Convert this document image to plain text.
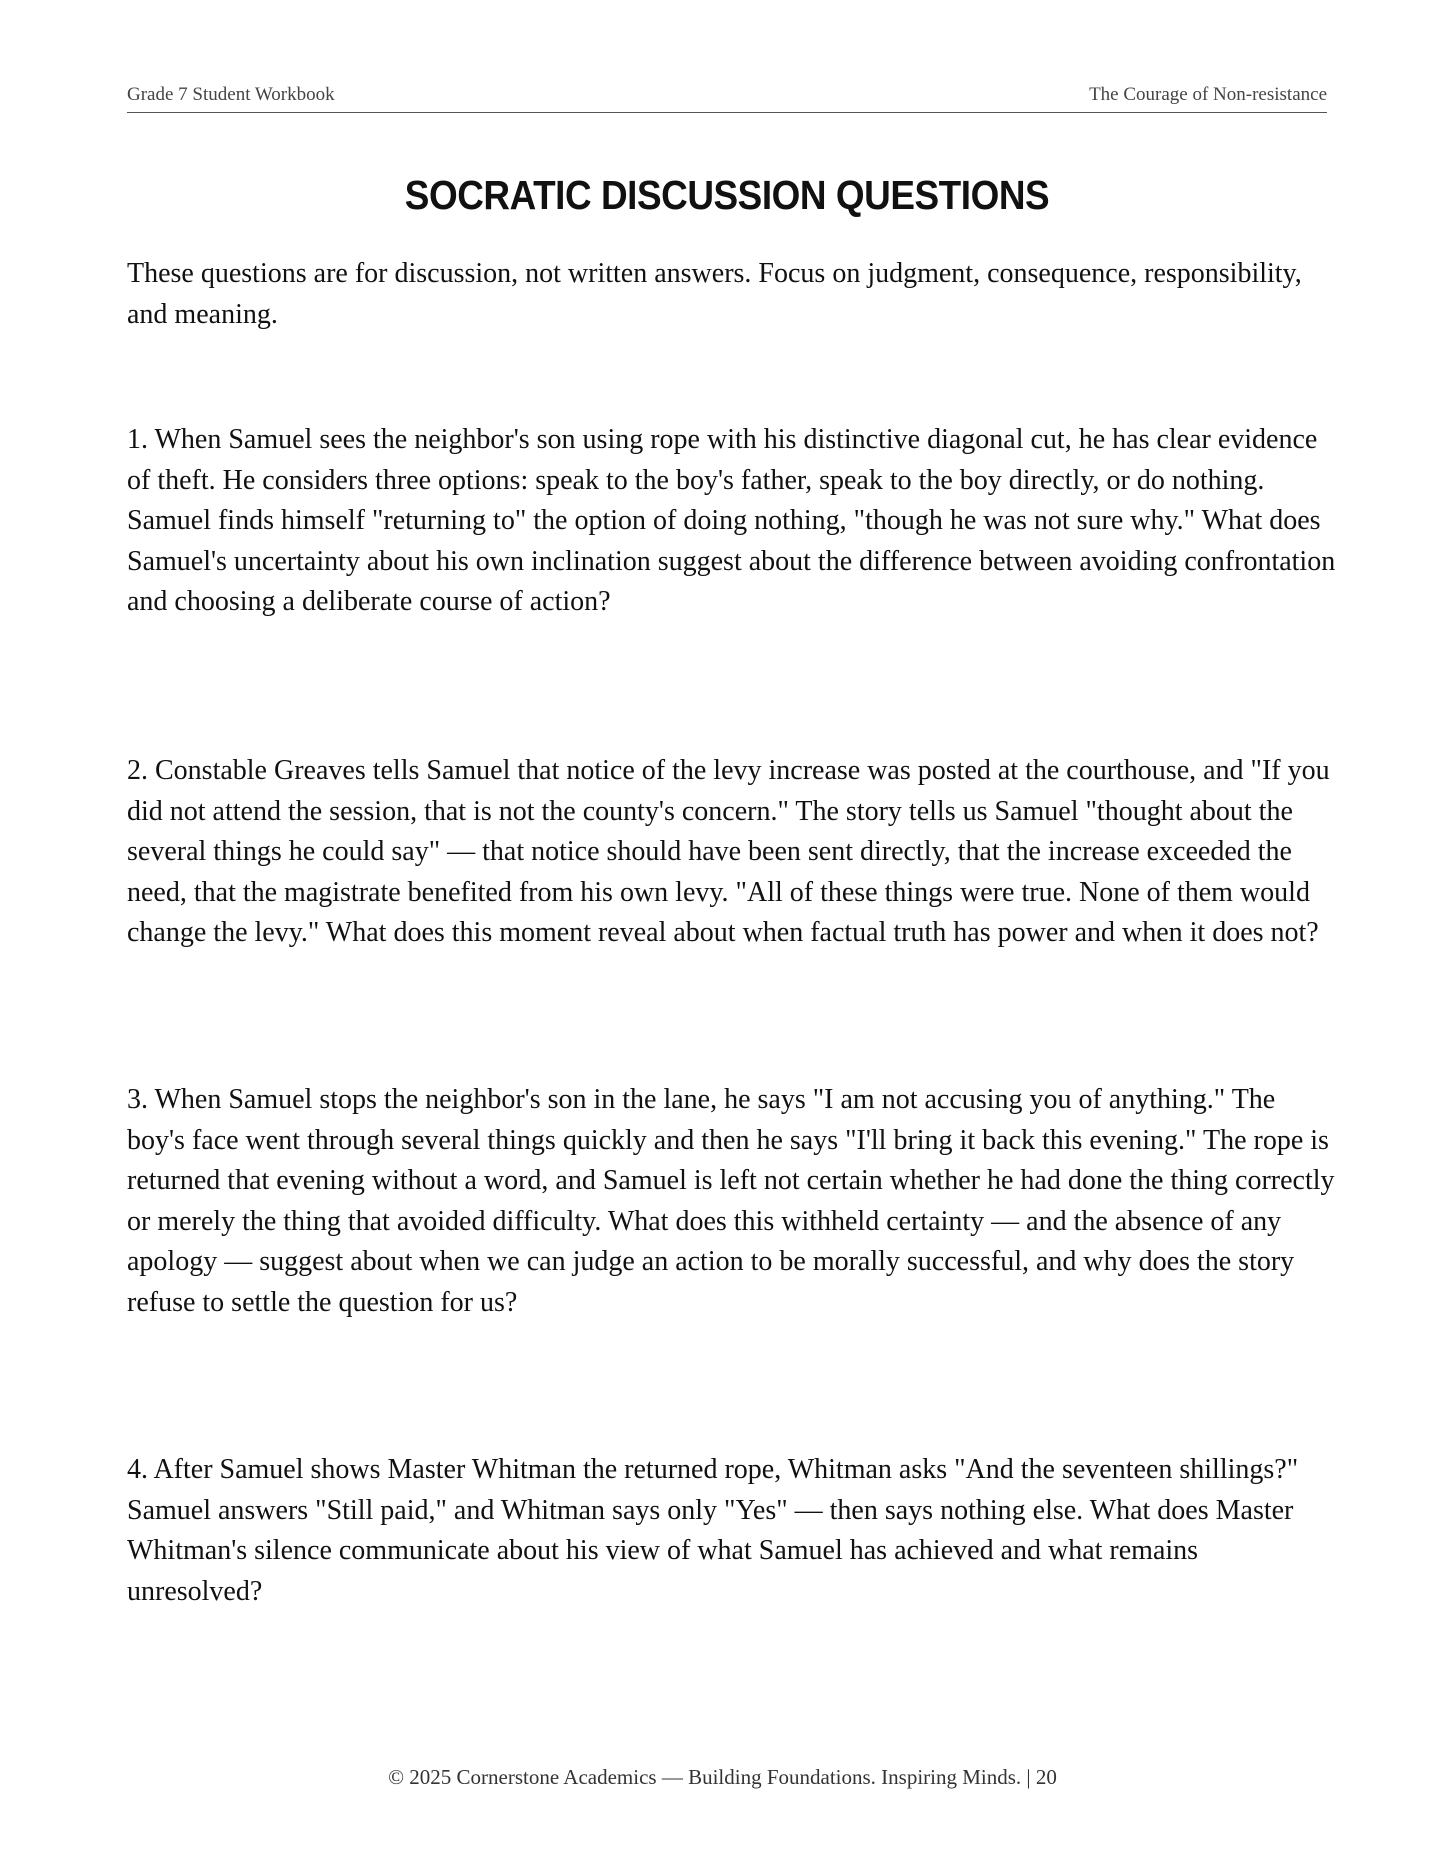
Grade 7 Student Workbook	The Courage of Non-resistance
SOCRATIC DISCUSSION QUESTIONS
These questions are for discussion, not written answers. Focus on judgment, consequence, responsibility, and meaning.
1. When Samuel sees the neighbor's son using rope with his distinctive diagonal cut, he has clear evidence of theft. He considers three options: speak to the boy's father, speak to the boy directly, or do nothing. Samuel finds himself "returning to" the option of doing nothing, "though he was not sure why." What does Samuel's uncertainty about his own inclination suggest about the difference between avoiding confrontation and choosing a deliberate course of action?
2. Constable Greaves tells Samuel that notice of the levy increase was posted at the courthouse, and "If you did not attend the session, that is not the county's concern." The story tells us Samuel "thought about the several things he could say" — that notice should have been sent directly, that the increase exceeded the need, that the magistrate benefited from his own levy. "All of these things were true. None of them would change the levy." What does this moment reveal about when factual truth has power and when it does not?
3. When Samuel stops the neighbor's son in the lane, he says "I am not accusing you of anything." The boy's face went through several things quickly and then he says "I'll bring it back this evening." The rope is returned that evening without a word, and Samuel is left not certain whether he had done the thing correctly or merely the thing that avoided difficulty. What does this withheld certainty — and the absence of any apology — suggest about when we can judge an action to be morally successful, and why does the story refuse to settle the question for us?
4. After Samuel shows Master Whitman the returned rope, Whitman asks "And the seventeen shillings?" Samuel answers "Still paid," and Whitman says only "Yes" — then says nothing else. What does Master Whitman's silence communicate about his view of what Samuel has achieved and what remains unresolved?
© 2025 Cornerstone Academics — Building Foundations. Inspiring Minds. | 20
